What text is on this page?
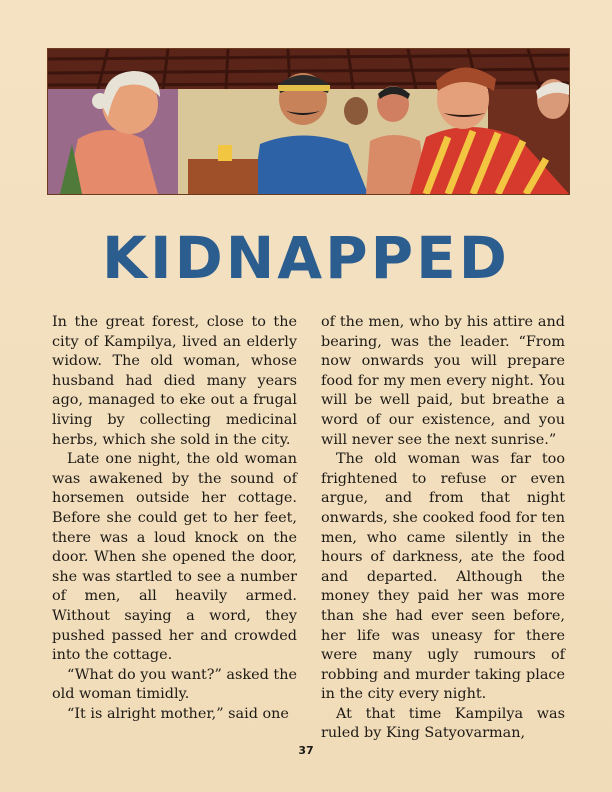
KIDNAPPED

In the great forest, close to the city of Kampilya, lived an elderly widow. The old woman, whose husband had died many years ago, managed to eke out a frugal living by collecting medicinal herbs, which she sold in the city.

Late one night, the old woman was awakened by the sound of horsemen outside her cottage. Before she could get to her feet, there was a loud knock on the door. When she opened the door, she was startled to see a number of men, all heavily armed. Without saying a word, they pushed passed her and crowded into the cottage.

“What do you want?” asked the old woman timidly.

“It is alright mother,” said one

of the men, who by his attire and bearing, was the leader. “From now onwards you will prepare food for my men every night. You will be well paid, but breathe a word of our existence, and you will never see the next sunrise.”

The old woman was far too frightened to refuse or even argue, and from that night onwards, she cooked food for ten men, who came silently in the hours of darkness, ate the food and departed. Although the money they paid her was more than she had ever seen before, her life was uneasy for there were many ugly rumours of robbing and murder taking place in the city every night.

At that time Kampilya was ruled by King Satyovarman,

37
